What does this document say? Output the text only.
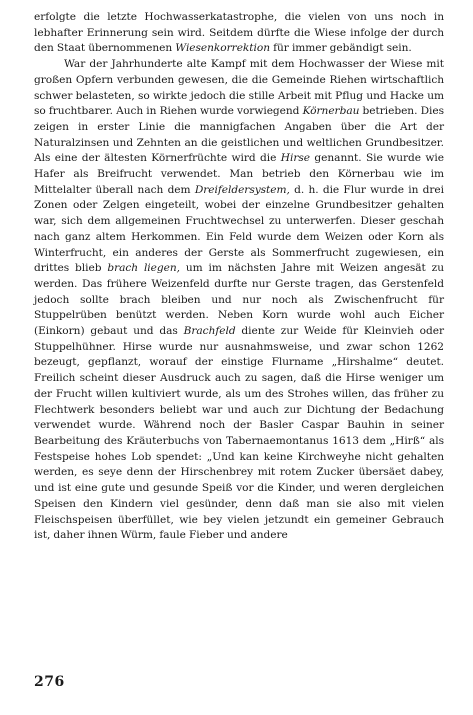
erfolgte die letzte Hochwasserkatastrophe, die vielen von uns noch in lebhafter Erinnerung sein wird. Seitdem dürfte die Wiese infolge der durch den Staat übernommenen Wiesenkorrektion für immer gebändigt sein.

War der Jahrhunderte alte Kampf mit dem Hochwasser der Wiese mit großen Opfern verbunden gewesen, die die Gemeinde Riehen wirtschaftlich schwer belasteten, so wirkte jedoch die stille Arbeit mit Pflug und Hacke um so fruchtbarer. Auch in Riehen wurde vorwiegend Körnerbau betrieben. Dies zeigen in erster Linie die mannigfachen Angaben über die Art der Naturalzinsen und Zehnten an die geistlichen und weltlichen Grundbesitzer. Als eine der ältesten Körnerfrüchte wird die Hirse genannt. Sie wurde wie Hafer als Breifrucht verwendet. Man betrieb den Körnerbau wie im Mittelalter überall nach dem Dreifeldersystem, d. h. die Flur wurde in drei Zonen oder Zelgen eingeteilt, wobei der einzelne Grundbesitzer gehalten war, sich dem allgemeinen Fruchtwechsel zu unterwerfen. Dieser geschah nach ganz altem Herkommen. Ein Feld wurde dem Weizen oder Korn als Winterfrucht, ein anderes der Gerste als Sommerfrucht zugewiesen, ein drittes blieb brach liegen, um im nächsten Jahre mit Weizen angesät zu werden. Das frühere Weizenfeld durfte nur Gerste tragen, das Gerstenfeld jedoch sollte brach bleiben und nur noch als Zwischenfrucht für Stuppelrüben benützt werden. Neben Korn wurde wohl auch Eicher (Einkorn) gebaut und das Brachfeld diente zur Weide für Kleinvieh oder Stuppelhühner. Hirse wurde nur ausnahmsweise, und zwar schon 1262 bezeugt, gepflanzt, worauf der einstige Flurname „Hirshalme“ deutet. Freilich scheint dieser Ausdruck auch zu sagen, daß die Hirse weniger um der Frucht willen kultiviert wurde, als um des Strohes willen, das früher zu Flechtwerk besonders beliebt war und auch zur Dichtung der Bedachung verwendet wurde. Während noch der Basler Caspar Bauhin in seiner Bearbeitung des Kräuterbuchs von Tabernaemontanus 1613 dem „Hirß“ als Festspeise hohes Lob spendet: „Und kan keine Kirchweyhe nicht gehalten werden, es seye denn der Hirschenbrey mit rotem Zucker übersäet dabey, und ist eine gute und gesunde Speiß vor die Kinder, und weren dergleichen Speisen den Kindern viel gesünder, denn daß man sie also mit vielen Fleischspeisen überfüllet, wie bey vielen jetzundt ein gemeiner Gebrauch ist, daher ihnen Würm, faule Fieber und andere

276
